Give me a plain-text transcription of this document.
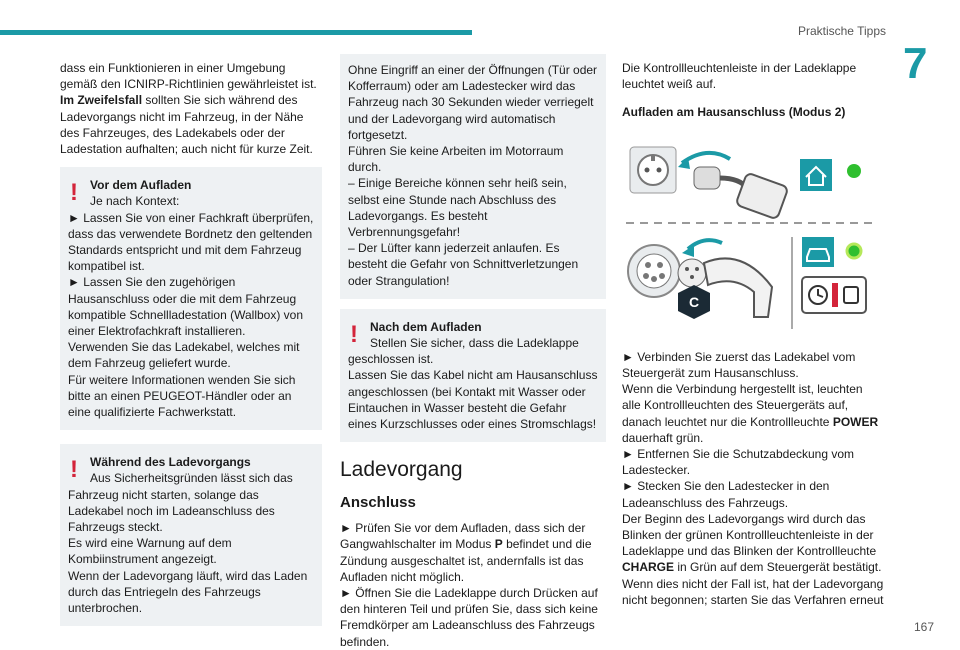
Praktische Tipps
7
167

dass ein Funktionieren in einer Umgebung gemäß den ICNIRP-Richtlinien gewährleistet ist.

Im Zweifelsfall sollten Sie sich während des Ladevorgangs nicht im Fahrzeug, in der Nähe des Fahrzeuges, des Ladekabels oder der Ladestation aufhalten; auch nicht für kurze Zeit.

! Vor dem Aufladen

Je nach Kontext:

► Lassen Sie von einer Fachkraft überprüfen, dass das verwendete Bordnetz den geltenden Standards entspricht und mit dem Fahrzeug kompatibel ist.

► Lassen Sie den zugehörigen Hausanschluss oder die mit dem Fahrzeug kompatible Schnellladestation (Wallbox) von einer Elektrofachkraft installieren.

Verwenden Sie das Ladekabel, welches mit dem Fahrzeug geliefert wurde.

Für weitere Informationen wenden Sie sich bitte an einen PEUGEOT-Händler oder an eine qualifizierte Fachwerkstatt.

! Während des Ladevorgangs

Aus Sicherheitsgründen lässt sich das Fahrzeug nicht starten, solange das Ladekabel noch im Ladeanschluss des Fahrzeugs steckt.

Es wird eine Warnung auf dem Kombiinstrument angezeigt.

Wenn der Ladevorgang läuft, wird das Laden durch das Entriegeln des Fahrzeugs unterbrochen.

Ohne Eingriff an einer der Öffnungen (Tür oder Kofferraum) oder am Ladestecker wird das Fahrzeug nach 30 Sekunden wieder verriegelt und der Ladevorgang wird automatisch fortgesetzt.

Führen Sie keine Arbeiten im Motorraum durch.

– Einige Bereiche können sehr heiß sein, selbst eine Stunde nach Abschluss des Ladevorgangs. Es besteht Verbrennungsgefahr!

– Der Lüfter kann jederzeit anlaufen. Es besteht die Gefahr von Schnittverletzungen oder Strangulation!

! Nach dem Aufladen

Stellen Sie sicher, dass die Ladeklappe geschlossen ist.

Lassen Sie das Kabel nicht am Hausanschluss angeschlossen (bei Kontakt mit Wasser oder Eintauchen in Wasser besteht die Gefahr eines Kurzschlusses oder eines Stromschlags!

Ladevorgang
Anschluss

► Prüfen Sie vor dem Aufladen, dass sich der Gangwahlschalter im Modus P befindet und die Zündung ausgeschaltet ist, andernfalls ist das Aufladen nicht möglich.

► Öffnen Sie die Ladeklappe durch Drücken auf den hinteren Teil und prüfen Sie, dass sich keine Fremdkörper am Ladeanschluss des Fahrzeugs befinden.

Die Kontrollleuchtenleiste in der Ladeklappe leuchtet weiß auf.

Aufladen am Hausanschluss (Modus 2)
C

► Verbinden Sie zuerst das Ladekabel vom Steuergerät zum Hausanschluss.

Wenn die Verbindung hergestellt ist, leuchten alle Kontrollleuchten des Steuergeräts auf, danach leuchtet nur die Kontrollleuchte POWER dauerhaft grün.

► Entfernen Sie die Schutzabdeckung vom Ladestecker.

► Stecken Sie den Ladestecker in den Ladeanschluss des Fahrzeugs.

Der Beginn des Ladevorgangs wird durch das Blinken der grünen Kontrollleuchtenleiste in der Ladeklappe und das Blinken der Kontrollleuchte CHARGE in Grün auf dem Steuergerät bestätigt.

Wenn dies nicht der Fall ist, hat der Ladevorgang nicht begonnen; starten Sie das Verfahren erneut
